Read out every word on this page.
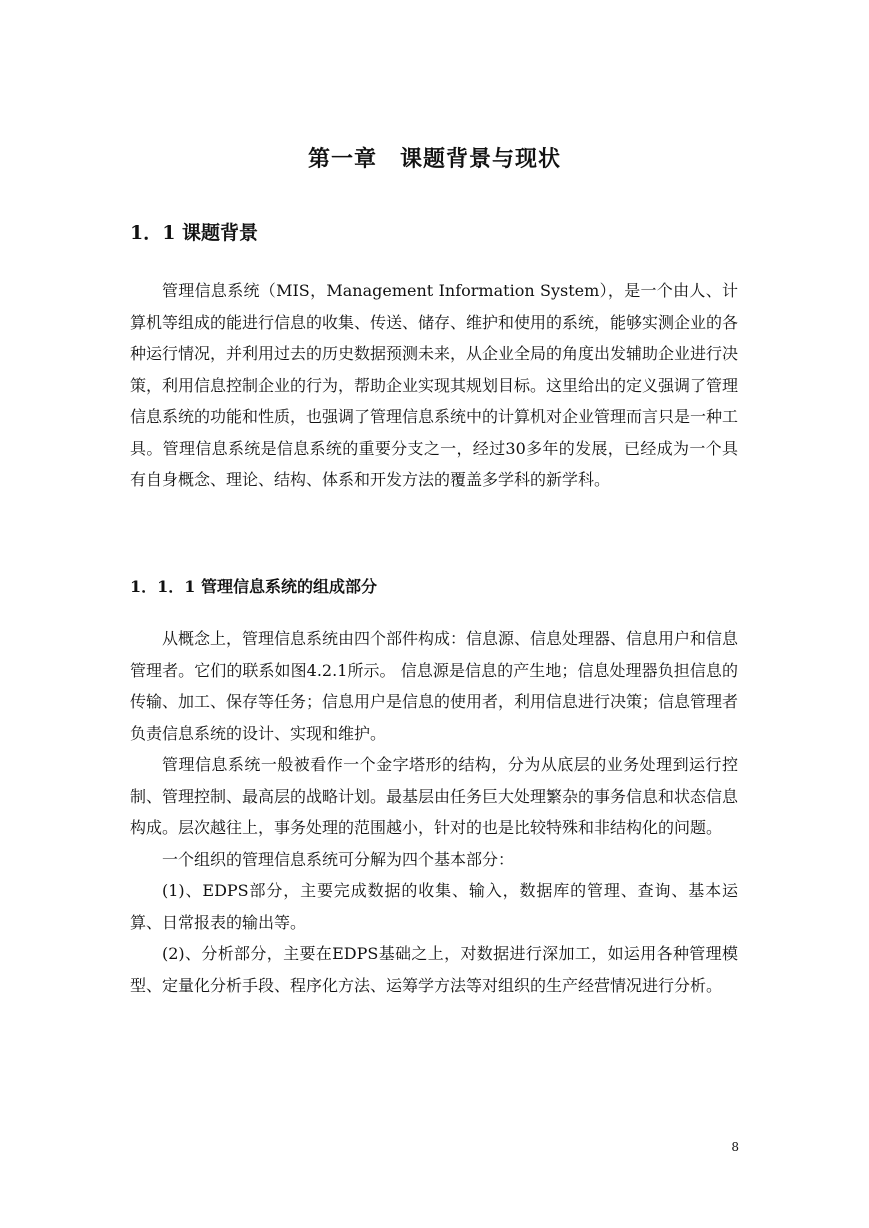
第一章　课题背景与现状
1．1 课题背景

管理信息系统（MIS，Management Information System），是一个由人、计算机等组成的能进行信息的收集、传送、储存、维护和使用的系统，能够实测企业的各种运行情况，并利用过去的历史数据预测未来，从企业全局的角度出发辅助企业进行决策，利用信息控制企业的行为，帮助企业实现其规划目标。这里给出的定义强调了管理信息系统的功能和性质，也强调了管理信息系统中的计算机对企业管理而言只是一种工具。管理信息系统是信息系统的重要分支之一，经过30多年的发展，已经成为一个具有自身概念、理论、结构、体系和开发方法的覆盖多学科的新学科。

1．1．1 管理信息系统的组成部分

从概念上，管理信息系统由四个部件构成：信息源、信息处理器、信息用户和信息管理者。它们的联系如图4.2.1所示。 信息源是信息的产生地；信息处理器负担信息的传输、加工、保存等任务；信息用户是信息的使用者，利用信息进行决策；信息管理者负责信息系统的设计、实现和维护。

管理信息系统一般被看作一个金字塔形的结构，分为从底层的业务处理到运行控制、管理控制、最高层的战略计划。最基层由任务巨大处理繁杂的事务信息和状态信息构成。层次越往上，事务处理的范围越小，针对的也是比较特殊和非结构化的问题。

一个组织的管理信息系统可分解为四个基本部分：

(1)、EDPS部分，主要完成数据的收集、输入，数据库的管理、查询、基本运算、日常报表的输出等。

(2)、分析部分，主要在EDPS基础之上，对数据进行深加工，如运用各种管理模型、定量化分析手段、程序化方法、运筹学方法等对组织的生产经营情况进行分析。

8
